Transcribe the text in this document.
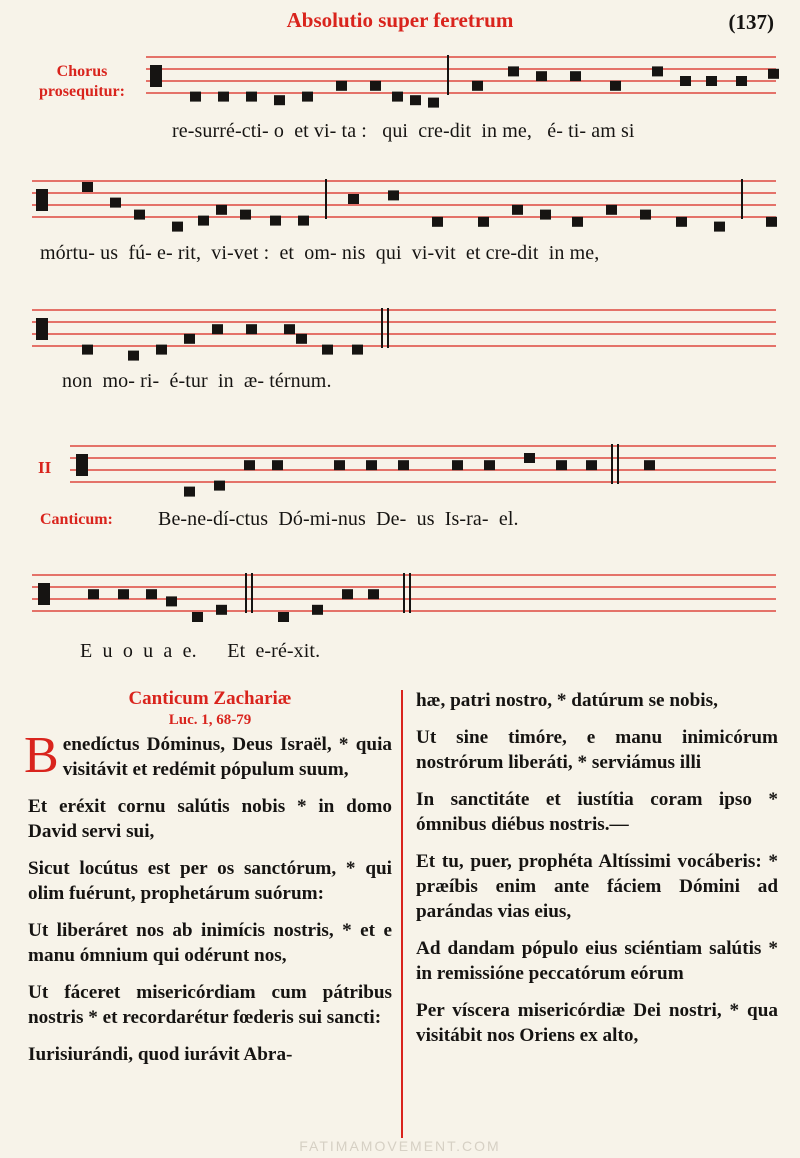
Absolutio super feretrum	(137)
Chorus
prosequitur:
re-surré-cti- o  et vi- ta :   qui  cre-dit  in me,   é- ti- am si
mórtu- us  fú- e- rit,  vi-vet :  et  om- nis  qui  vi-vit  et cre-dit  in me,
non  mo- ri-  é-tur  in  æ- térnum.
II
Canticum: Be-ne-dí-ctus  Dó-mi-nus  De-  us  Is-ra-  el.
E  u  o  u  a  e.      Et  e-ré-xit.
Canticum Zachariæ
Luc. 1, 68-79
B enedíctus Dóminus, Deus Israël, * quia visitávit et redémit pópulum suum,
Et eréxit cornu salútis nobis * in domo David servi sui,
Sicut locútus est per os sanctórum, * qui olim fuérunt, prophetárum suórum:
Ut liberáret nos ab inimícis nostris, * et e manu ómnium qui odérunt nos,
Ut fáceret misericórdiam cum pátribus nostris * et recordarétur fœderis sui sancti:
Iurisiurándi, quod iurávit Abra-
hæ, patri nostro, * datúrum se nobis,
Ut sine timóre, e manu inimicórum nostrórum liberáti, * serviámus illi
In sanctitáte et iustítia coram ipso * ómnibus diébus nostris.—
Et tu, puer, prophéta Altíssimi vocáberis: * præíbis enim ante fáciem Dómini ad parándas vias eius,
Ad dandam pópulo eius sciéntiam salútis * in remissióne peccatórum eórum
Per víscera misericórdiæ Dei nostri, * qua visitábit nos Oriens ex alto,
FATIMAMOVEMENT.COM
